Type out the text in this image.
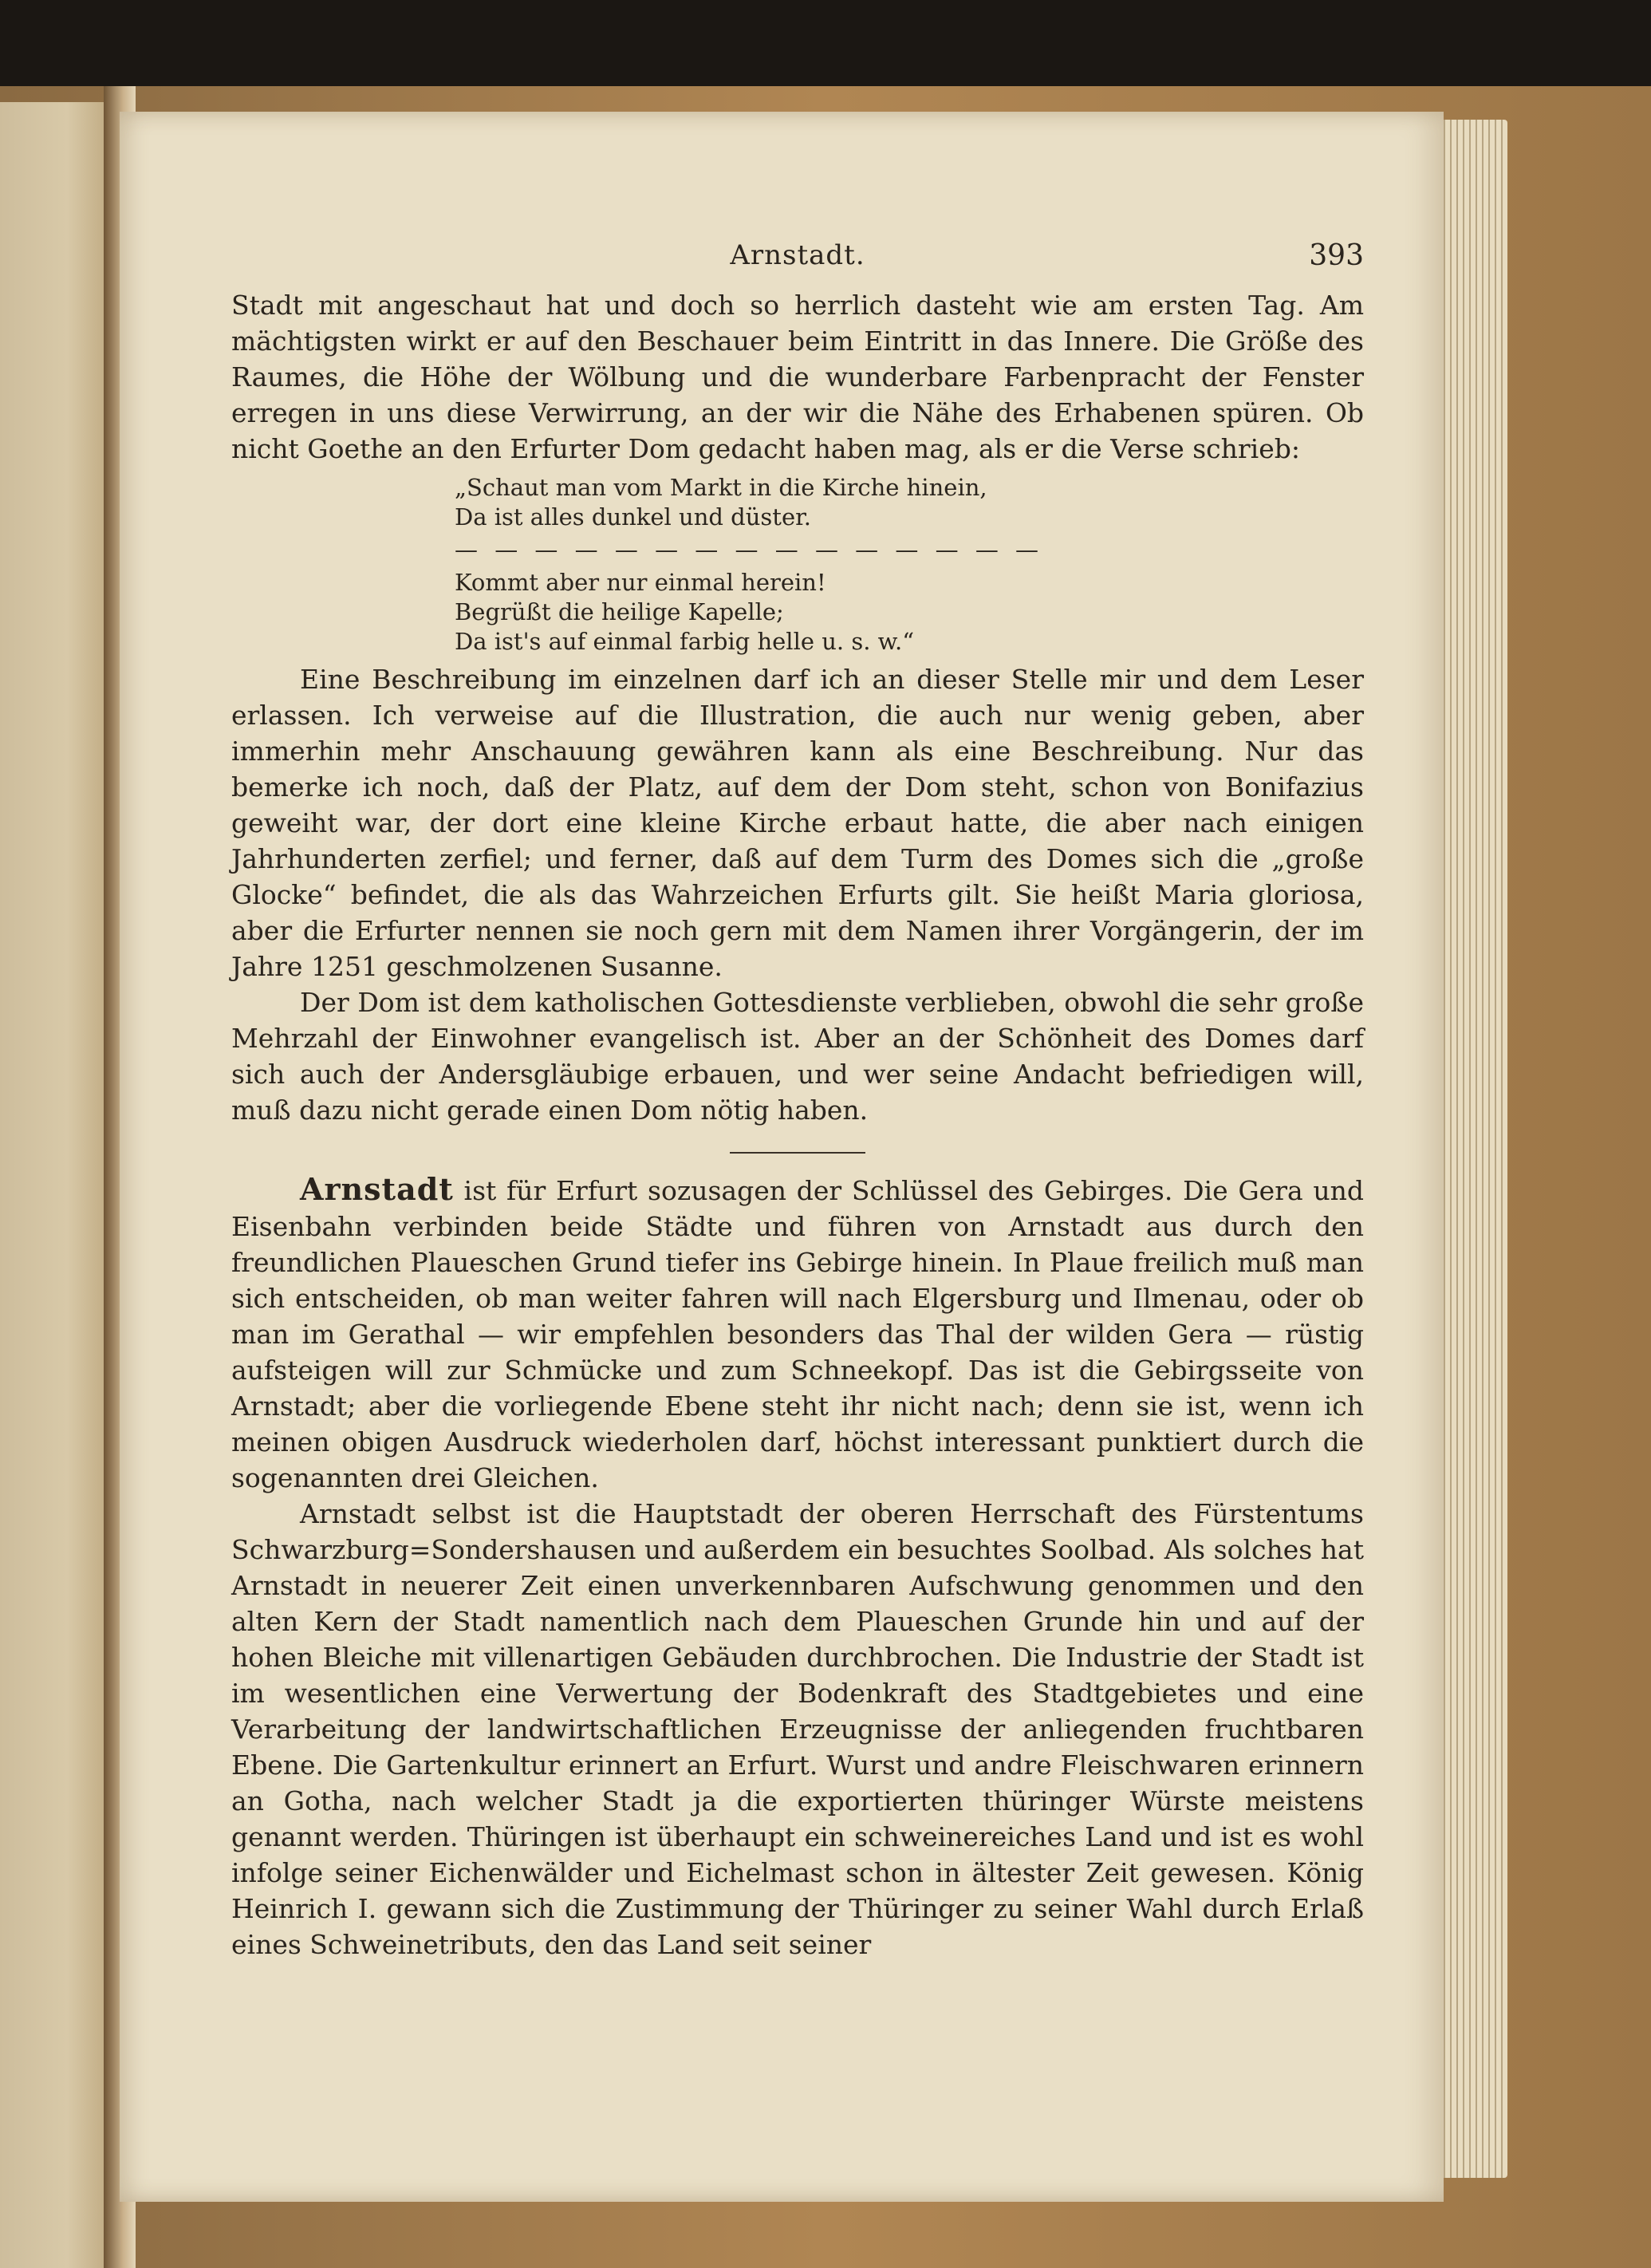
Arnstadt.	393

Stadt mit angeschaut hat und doch so herrlich dasteht wie am ersten Tag. Am mächtigsten wirkt er auf den Beschauer beim Eintritt in das Innere. Die Größe des Raumes, die Höhe der Wölbung und die wunderbare Farbenpracht der Fenster erregen in uns diese Verwirrung, an der wir die Nähe des Erhabenen spüren. Ob nicht Goethe an den Erfurter Dom gedacht haben mag, als er die Verse schrieb:

„Schaut man vom Markt in die Kirche hinein,
Da ist alles dunkel und düster.
— — — — — — — — — — — — — — —
Kommt aber nur einmal herein!
Begrüßt die heilige Kapelle;
Da ist's auf einmal farbig helle u. s. w.“

Eine Beschreibung im einzelnen darf ich an dieser Stelle mir und dem Leser erlassen. Ich verweise auf die Illustration, die auch nur wenig geben, aber immerhin mehr Anschauung gewähren kann als eine Beschreibung. Nur das bemerke ich noch, daß der Platz, auf dem der Dom steht, schon von Bonifazius geweiht war, der dort eine kleine Kirche erbaut hatte, die aber nach einigen Jahrhunderten zerfiel; und ferner, daß auf dem Turm des Domes sich die „große Glocke“ befindet, die als das Wahrzeichen Erfurts gilt. Sie heißt Maria gloriosa, aber die Erfurter nennen sie noch gern mit dem Namen ihrer Vorgängerin, der im Jahre 1251 geschmolzenen Susanne.

Der Dom ist dem katholischen Gottesdienste verblieben, obwohl die sehr große Mehrzahl der Einwohner evangelisch ist. Aber an der Schönheit des Domes darf sich auch der Andersgläubige erbauen, und wer seine Andacht befriedigen will, muß dazu nicht gerade einen Dom nötig haben.

Arnstadt ist für Erfurt sozusagen der Schlüssel des Gebirges. Die Gera und Eisenbahn verbinden beide Städte und führen von Arnstadt aus durch den freundlichen Plaueschen Grund tiefer ins Gebirge hinein. In Plaue freilich muß man sich entscheiden, ob man weiter fahren will nach Elgersburg und Ilmenau, oder ob man im Gerathal — wir empfehlen besonders das Thal der wilden Gera — rüstig aufsteigen will zur Schmücke und zum Schneekopf. Das ist die Gebirgsseite von Arnstadt; aber die vorliegende Ebene steht ihr nicht nach; denn sie ist, wenn ich meinen obigen Ausdruck wiederholen darf, höchst interessant punktiert durch die sogenannten drei Gleichen.

Arnstadt selbst ist die Hauptstadt der oberen Herrschaft des Fürstentums Schwarzburg=Sondershausen und außerdem ein besuchtes Soolbad. Als solches hat Arnstadt in neuerer Zeit einen unverkennbaren Aufschwung genommen und den alten Kern der Stadt namentlich nach dem Plaueschen Grunde hin und auf der hohen Bleiche mit villenartigen Gebäuden durchbrochen. Die Industrie der Stadt ist im wesentlichen eine Verwertung der Bodenkraft des Stadtgebietes und eine Verarbeitung der landwirtschaftlichen Erzeugnisse der anliegenden fruchtbaren Ebene. Die Gartenkultur erinnert an Erfurt. Wurst und andre Fleischwaren erinnern an Gotha, nach welcher Stadt ja die exportierten thüringer Würste meistens genannt werden. Thüringen ist überhaupt ein schweinereiches Land und ist es wohl infolge seiner Eichenwälder und Eichelmast schon in ältester Zeit gewesen. König Heinrich I. gewann sich die Zustimmung der Thüringer zu seiner Wahl durch Erlaß eines Schweinetributs, den das Land seit seiner
